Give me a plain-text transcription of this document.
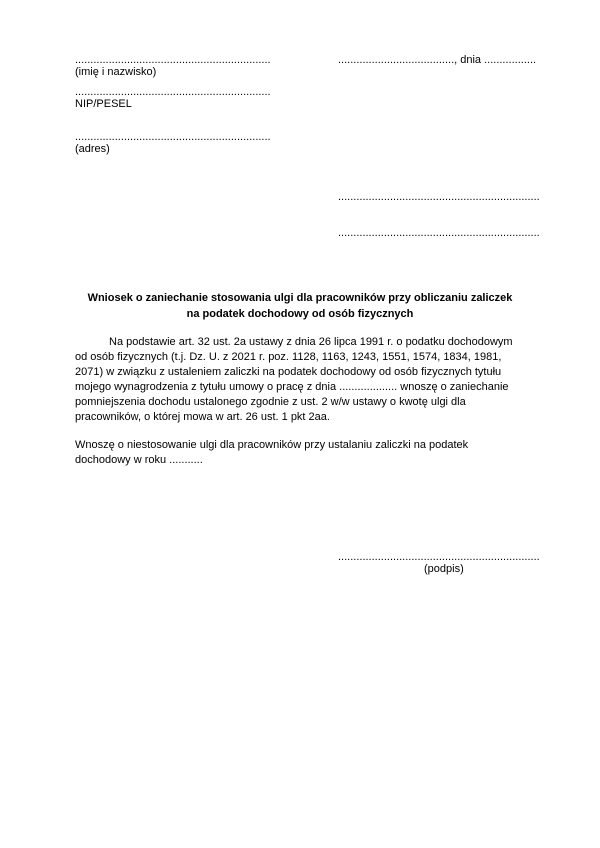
................................................................
(imię i nazwisko)
................................................................
NIP/PESEL
................................................................
(adres)
......................................, dnia .................
..................................................................
..................................................................
Wniosek o zaniechanie stosowania ulgi dla pracowników przy obliczaniu zaliczek
na podatek dochodowy od osób fizycznych
Na podstawie art. 32 ust. 2a ustawy z dnia 26 lipca 1991 r. o podatku dochodowym
od osób fizycznych (t.j. Dz. U. z 2021 r. poz. 1128, 1163, 1243, 1551, 1574, 1834, 1981,
2071) w związku z ustaleniem zaliczki na podatek dochodowy od osób fizycznych tytułu
mojego wynagrodzenia z tytułu umowy o pracę z dnia ................... wnoszę o zaniechanie
pomniejszenia dochodu ustalonego zgodnie z ust. 2 w/w ustawy o kwotę ulgi dla
pracowników, o której mowa w art. 26 ust. 1 pkt 2aa.
Wnoszę o niestosowanie ulgi dla pracowników przy ustalaniu zaliczki na podatek
dochodowy w roku ...........
..................................................................
(podpis)
